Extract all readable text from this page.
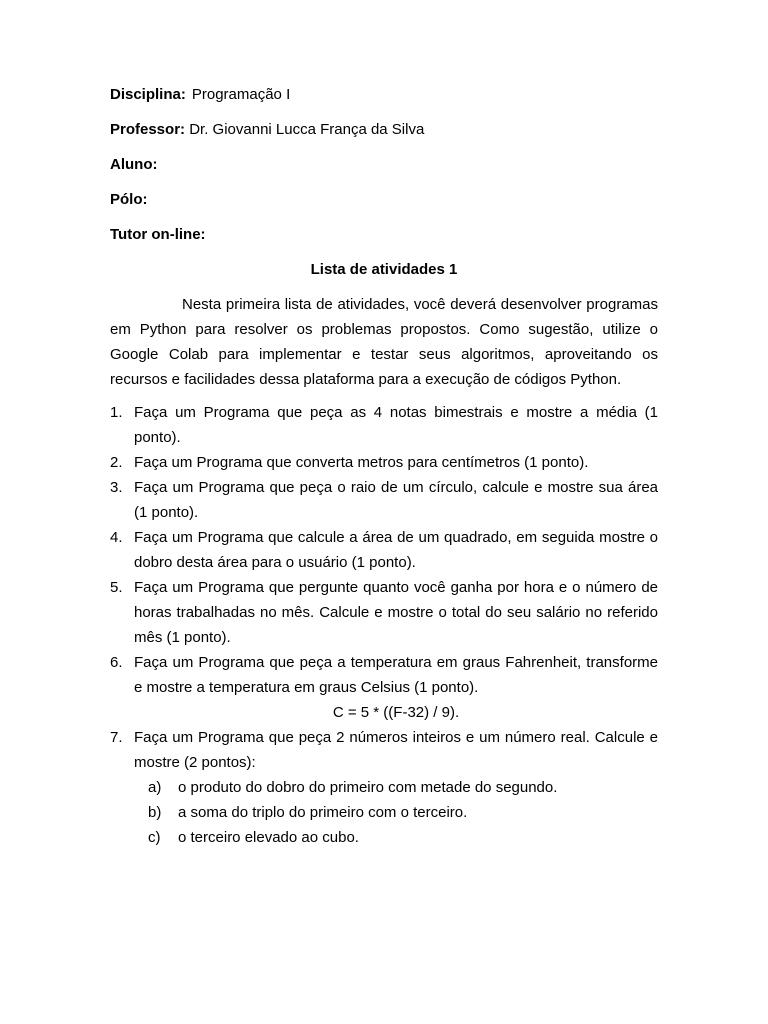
Disciplina: Programação I
Professor: Dr. Giovanni Lucca França da Silva
Aluno:
Pólo:
Tutor on-line:
Lista de atividades 1

Nesta primeira lista de atividades, você deverá desenvolver programas em Python para resolver os problemas propostos. Como sugestão, utilize o Google Colab para implementar e testar seus algoritmos, aproveitando os recursos e facilidades dessa plataforma para a execução de códigos Python.

1. Faça um Programa que peça as 4 notas bimestrais e mostre a média (1 ponto).
2. Faça um Programa que converta metros para centímetros (1 ponto).
3. Faça um Programa que peça o raio de um círculo, calcule e mostre sua área (1 ponto).
4. Faça um Programa que calcule a área de um quadrado, em seguida mostre o dobro desta área para o usuário (1 ponto).
5. Faça um Programa que pergunte quanto você ganha por hora e o número de horas trabalhadas no mês. Calcule e mostre o total do seu salário no referido mês (1 ponto).
6. Faça um Programa que peça a temperatura em graus Fahrenheit, transforme e mostre a temperatura em graus Celsius (1 ponto).
C = 5 * ((F-32) / 9).
7. Faça um Programa que peça 2 números inteiros e um número real. Calcule e mostre (2 pontos):
a) o produto do dobro do primeiro com metade do segundo.
b) a soma do triplo do primeiro com o terceiro.
c) o terceiro elevado ao cubo.
